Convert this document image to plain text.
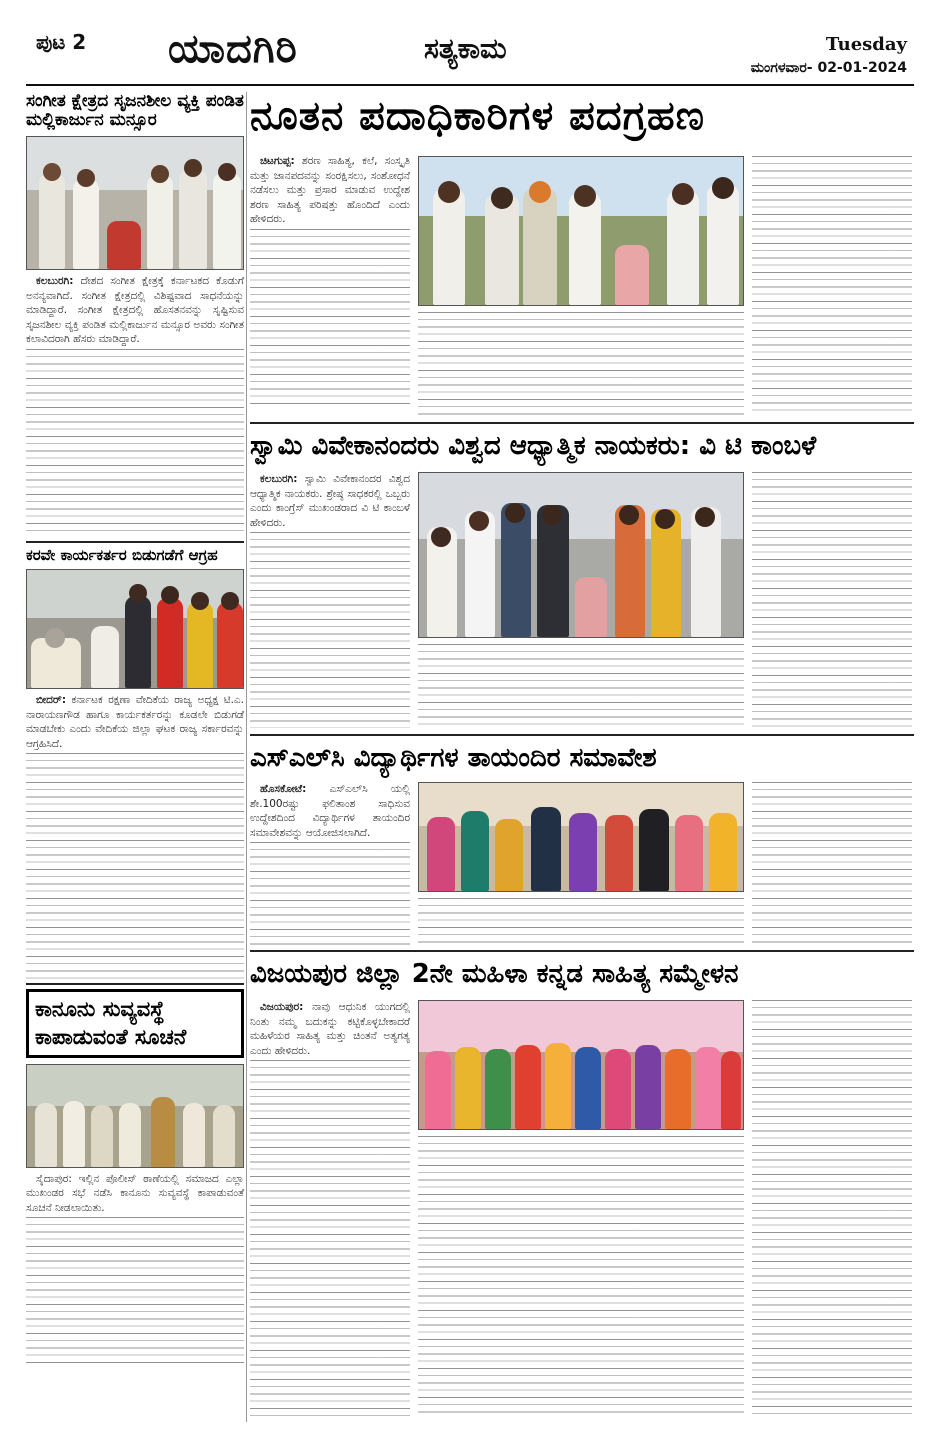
ಪುಟ 2 ಯಾದಗಿರಿ	ಸತ್ಯಕಾಮ	Tuesday
ಮಂಗಳವಾರ- 02-01-2024
ಸಂಗೀತ ಕ್ಷೇತ್ರದ ಸೃಜನಶೀಲ ವ್ಯಕ್ತಿ ಪಂಡಿತ ಮಲ್ಲಿಕಾರ್ಜುನ ಮನ್ಸೂರ

ಕಲಬುರಗಿ: ದೇಶದ ಸಂಗೀತ ಕ್ಷೇತ್ರಕ್ಕೆ ಕರ್ನಾಟಕದ ಕೊಡುಗೆ ಅನನ್ಯವಾಗಿದೆ. ಸಂಗೀತ ಕ್ಷೇತ್ರದಲ್ಲಿ ವಿಶಿಷ್ಟವಾದ ಸಾಧನೆಯನ್ನು ಮಾಡಿದ್ದಾರೆ. ಸಂಗೀತ ಕ್ಷೇತ್ರದಲ್ಲಿ ಹೊಸತನವನ್ನು ಸೃಷ್ಟಿಸುವ ಸೃಜನಶೀಲ ವ್ಯಕ್ತಿ ಪಂಡಿತ ಮಲ್ಲಿಕಾರ್ಜುನ ಮನ್ಸೂರ ಅವರು ಸಂಗೀತ ಕಲಾವಿದರಾಗಿ ಹೆಸರು ಮಾಡಿದ್ದಾರೆ.

ಕರವೇ ಕಾರ್ಯಕರ್ತರ ಬಿಡುಗಡೆಗೆ ಆಗ್ರಹ

ಬೀದರ್: ಕರ್ನಾಟಕ ರಕ್ಷಣಾ ವೇದಿಕೆಯ ರಾಜ್ಯ ಅಧ್ಯಕ್ಷ ಟಿ.ಎ. ನಾರಾಯಣಗೌಡ ಹಾಗೂ ಕಾರ್ಯಕರ್ತರನ್ನು ಕೂಡಲೇ ಬಿಡುಗಡೆ ಮಾಡಬೇಕು ಎಂದು ವೇದಿಕೆಯ ಜಿಲ್ಲಾ ಘಟಕ ರಾಜ್ಯ ಸರ್ಕಾರವನ್ನು ಆಗ್ರಹಿಸಿದೆ.

ಕಾನೂನು ಸುವ್ಯವಸ್ಥೆ ಕಾಪಾಡುವಂತೆ ಸೂಚನೆ

ಸೈದಾಪುರ: ಇಲ್ಲಿನ ಪೊಲೀಸ್ ಠಾಣೆಯಲ್ಲಿ ಸಮಾಜದ ಎಲ್ಲಾ ಮುಖಂಡರ ಸಭೆ ನಡೆಸಿ ಕಾನೂನು ಸುವ್ಯವಸ್ಥೆ ಕಾಪಾಡುವಂತೆ ಸೂಚನೆ ನೀಡಲಾಯಿತು.

ನೂತನ ಪದಾಧಿಕಾರಿಗಳ ಪದಗ್ರಹಣ

ಚಿಟಗುಪ್ಪ: ಶರಣ ಸಾಹಿತ್ಯ, ಕಲೆ, ಸಂಸ್ಕೃತಿ ಮತ್ತು ಜಾನಪದವನ್ನು ಸಂರಕ್ಷಿಸಲು, ಸಂಶೋಧನೆ ನಡೆಸಲು ಮತ್ತು ಪ್ರಸಾರ ಮಾಡುವ ಉದ್ದೇಶ ಶರಣ ಸಾಹಿತ್ಯ ಪರಿಷತ್ತು ಹೊಂದಿದೆ ಎಂದು ಹೇಳಿದರು.

ಸ್ವಾಮಿ ವಿವೇಕಾನಂದರು ವಿಶ್ವದ ಆಧ್ಯಾತ್ಮಿಕ ನಾಯಕರು: ವಿ ಟಿ ಕಾಂಬಳೆ

ಕಲಬುರಗಿ: ಸ್ವಾಮಿ ವಿವೇಕಾನಂದರ ವಿಶ್ವದ ಆಧ್ಯಾತ್ಮಿಕ ನಾಯಕರು. ಶ್ರೇಷ್ಠ ಸಾಧಕರಲ್ಲಿ ಒಬ್ಬರು ಎಂದು ಕಾಂಗ್ರೆಸ್ ಮುಖಂಡರಾದ ವಿ ಟಿ ಕಾಂಬಳೆ ಹೇಳಿದರು.

ಎಸ್‌ಎಲ್‌ಸಿ ವಿದ್ಯಾರ್ಥಿಗಳ ತಾಯಂದಿರ ಸಮಾವೇಶ

ಹೊಸಕೋಟೆ: ಎಸ್‌ಎಲ್‌ಸಿ ಯಲ್ಲಿ ಶೇ.100ರಷ್ಟು ಫಲಿತಾಂಶ ಸಾಧಿಸುವ ಉದ್ದೇಶದಿಂದ ವಿದ್ಯಾರ್ಥಿಗಳ ತಾಯಂದಿರ ಸಮಾವೇಶವನ್ನು ಆಯೋಜಿಸಲಾಗಿದೆ.

ವಿಜಯಪುರ ಜಿಲ್ಲಾ 2ನೇ ಮಹಿಳಾ ಕನ್ನಡ ಸಾಹಿತ್ಯ ಸಮ್ಮೇಳನ

ವಿಜಯಪುರ: ನಾವು ಆಧುನಿಕ ಯುಗದಲ್ಲಿ ನಿಂತು ನಮ್ಮ ಬದುಕನ್ನು ಕಟ್ಟಿಕೊಳ್ಳಬೇಕಾದರೆ ಮಹಿಳೆಯರ ಸಾಹಿತ್ಯ ಮತ್ತು ಚಿಂತನೆ ಅತ್ಯಗತ್ಯ ಎಂದು ಹೇಳಿದರು.
